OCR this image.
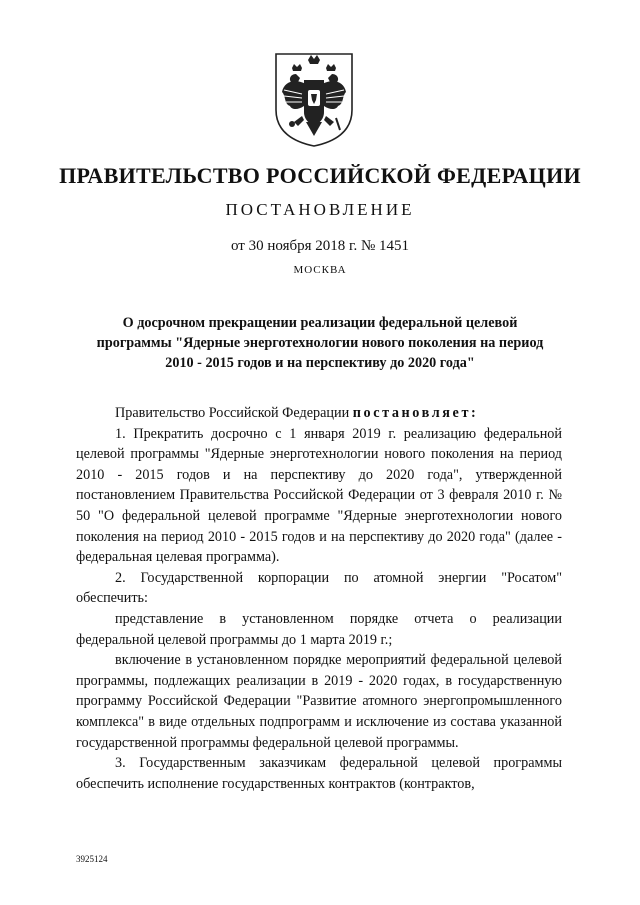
ПРАВИТЕЛЬСТВО РОССИЙСКОЙ ФЕДЕРАЦИИ
ПОСТАНОВЛЕНИЕ
от 30 ноября 2018 г. № 1451
МОСКВА
О досрочном прекращении реализации федеральной целевой программы "Ядерные энерготехнологии нового поколения на период 2010 - 2015 годов и на перспективу до 2020 года"

Правительство Российской Федерации постановляет:

1. Прекратить досрочно с 1 января 2019 г. реализацию федеральной целевой программы "Ядерные энерготехнологии нового поколения на период 2010 - 2015 годов и на перспективу до 2020 года", утвержденной постановлением Правительства Российской Федерации от 3 февраля 2010 г. № 50 "О федеральной целевой программе "Ядерные энерготехнологии нового поколения на период 2010 - 2015 годов и на перспективу до 2020 года" (далее - федеральная целевая программа).

2. Государственной корпорации по атомной энергии "Росатом" обеспечить:

представление в установленном порядке отчета о реализации федеральной целевой программы до 1 марта 2019 г.;

включение в установленном порядке мероприятий федеральной целевой программы, подлежащих реализации в 2019 - 2020 годах, в государственную программу Российской Федерации "Развитие атомного энергопромышленного комплекса" в виде отдельных подпрограмм и исключение из состава указанной государственной программы федеральной целевой программы.

3. Государственным заказчикам федеральной целевой программы обеспечить исполнение государственных контрактов (контрактов,

3925124
